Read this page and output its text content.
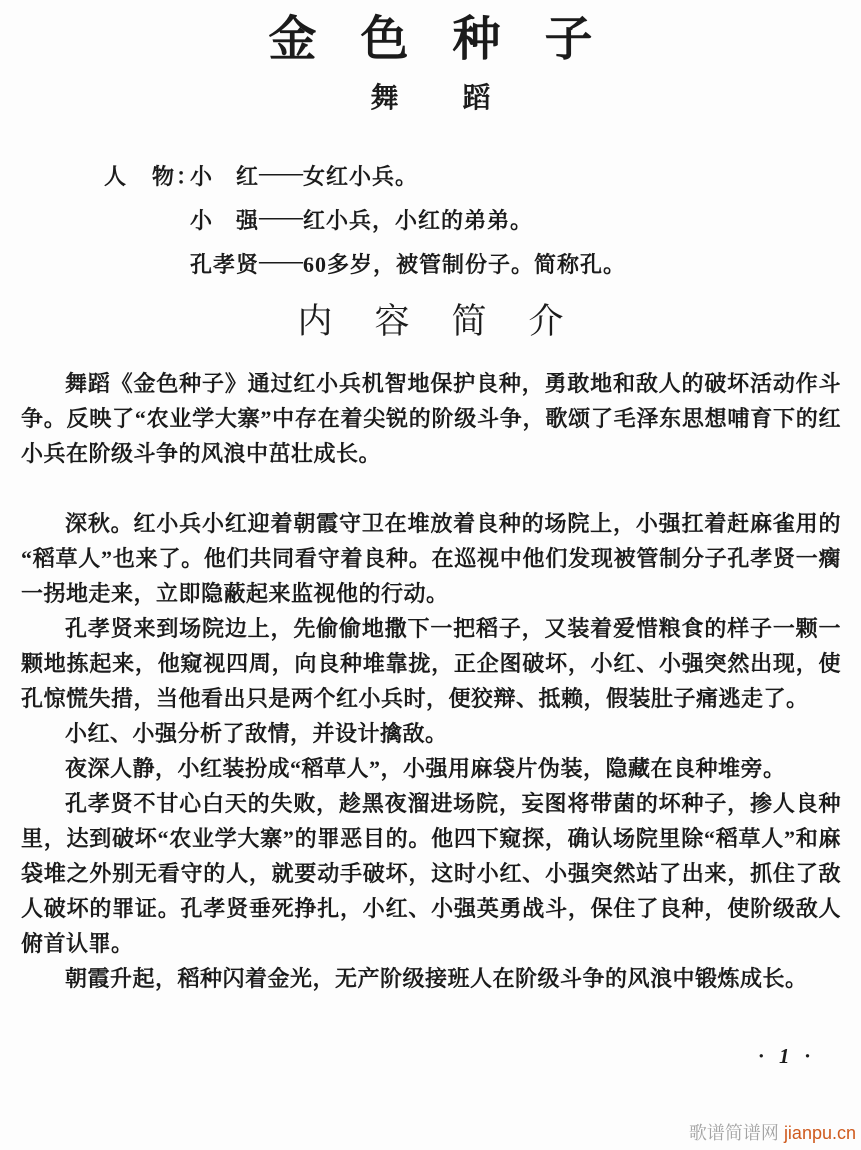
金色种子
舞蹈
人　物：
小　红 —— 女红小兵。
小　强 —— 红小兵，小红的弟弟。
孔孝贤 —— 60多岁，被管制份子。简称孔。
内容简介

舞蹈《金色种子》通过红小兵机智地保护良种，勇敢地和敌人的破坏活动作斗争。反映了“农业学大寨”中存在着尖锐的阶级斗争，歌颂了毛泽东思想哺育下的红小兵在阶级斗争的风浪中茁壮成长。

深秋。红小兵小红迎着朝霞守卫在堆放着良种的场院上，小强扛着赶麻雀用的“稻草人”也来了。他们共同看守着良种。在巡视中他们发现被管制分子孔孝贤一瘸一拐地走来，立即隐蔽起来监视他的行动。

孔孝贤来到场院边上，先偷偷地撒下一把稻子，又装着爱惜粮食的样子一颗一颗地拣起来，他窥视四周，向良种堆靠拢，正企图破坏，小红、小强突然出现，使孔惊慌失措，当他看出只是两个红小兵时，便狡辩、抵赖，假装肚子痛逃走了。

小红、小强分析了敌情，并设计擒敌。

夜深人静，小红装扮成“稻草人”，小强用麻袋片伪装，隐藏在良种堆旁。

孔孝贤不甘心白天的失败，趁黑夜溜进场院，妄图将带菌的坏种子，掺人良种里，达到破坏“农业学大寨”的罪恶目的。他四下窥探，确认场院里除“稻草人”和麻袋堆之外别无看守的人，就要动手破坏，这时小红、小强突然站了出来，抓住了敌人破坏的罪证。孔孝贤垂死挣扎，小红、小强英勇战斗，保住了良种，使阶级敌人俯首认罪。

朝霞升起，稻种闪着金光，无产阶级接班人在阶级斗争的风浪中锻炼成长。

· 1 ·
歌谱简谱网 jianpu.cn
